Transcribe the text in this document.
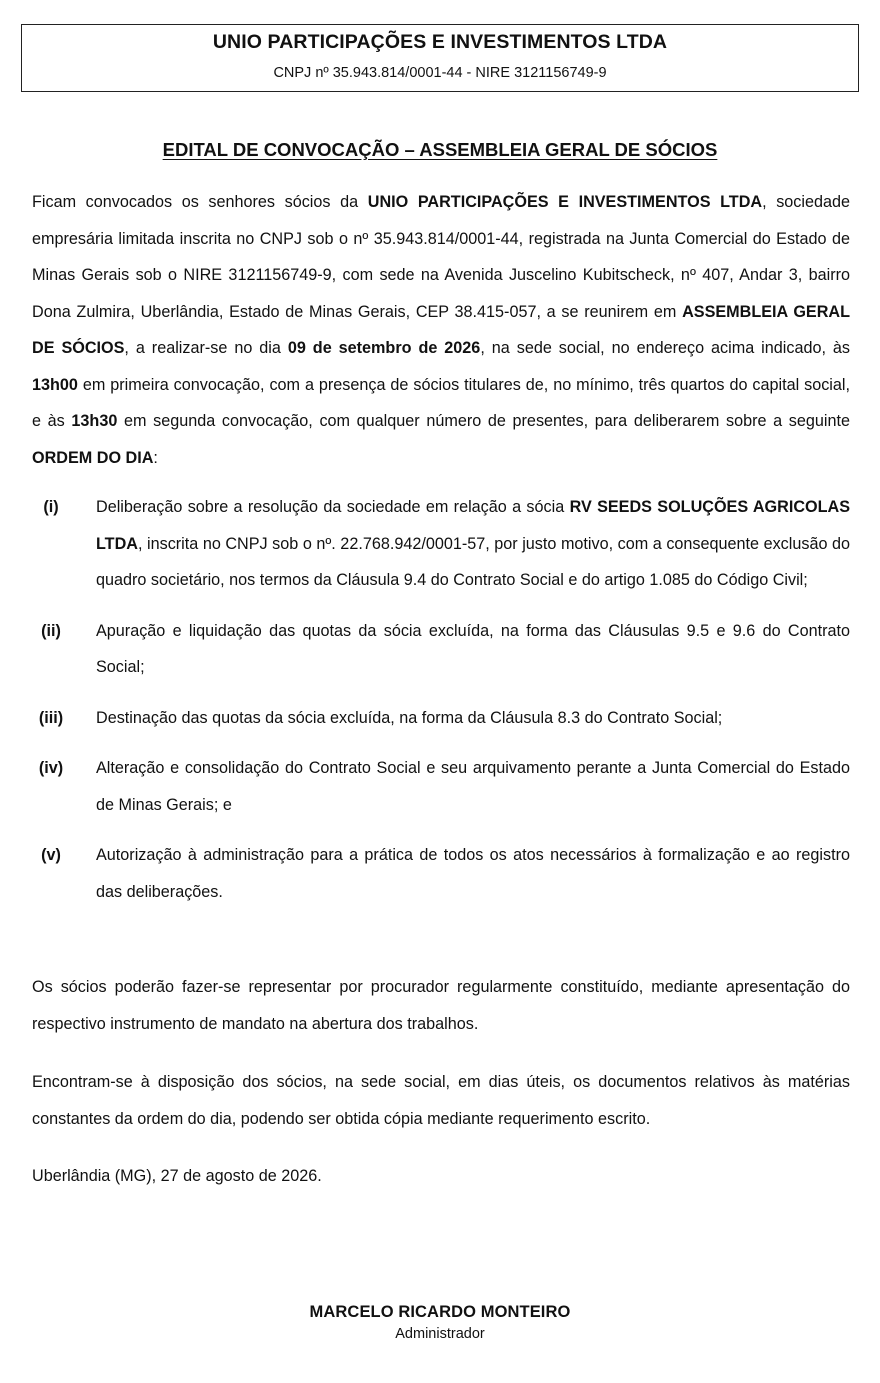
UNIO PARTICIPAÇÕES E INVESTIMENTOS LTDA
CNPJ nº 35.943.814/0001-44 - NIRE 3121156749-9
EDITAL DE CONVOCAÇÃO – ASSEMBLEIA GERAL DE SÓCIOS

Ficam convocados os senhores sócios da UNIO PARTICIPAÇÕES E INVESTIMENTOS LTDA, sociedade empresária limitada inscrita no CNPJ sob o nº 35.943.814/0001-44, registrada na Junta Comercial do Estado de Minas Gerais sob o NIRE 3121156749-9, com sede na Avenida Juscelino Kubitscheck, nº 407, Andar 3, bairro Dona Zulmira, Uberlândia, Estado de Minas Gerais, CEP 38.415-057, a se reunirem em ASSEMBLEIA GERAL DE SÓCIOS, a realizar-se no dia 09 de setembro de 2026, na sede social, no endereço acima indicado, às 13h00 em primeira convocação, com a presença de sócios titulares de, no mínimo, três quartos do capital social, e às 13h30 em segunda convocação, com qualquer número de presentes, para deliberarem sobre a seguinte ORDEM DO DIA:

(i)	Deliberação sobre a resolução da sociedade em relação a sócia RV SEEDS SOLUÇÕES AGRICOLAS LTDA, inscrita no CNPJ sob o nº. 22.768.942/0001-57, por justo motivo, com a consequente exclusão do quadro societário, nos termos da Cláusula 9.4 do Contrato Social e do artigo 1.085 do Código Civil;

(ii)	Apuração e liquidação das quotas da sócia excluída, na forma das Cláusulas 9.5 e 9.6 do Contrato Social;

(iii)	Destinação das quotas da sócia excluída, na forma da Cláusula 8.3 do Contrato Social;

(iv)	Alteração e consolidação do Contrato Social e seu arquivamento perante a Junta Comercial do Estado de Minas Gerais; e

(v)	Autorização à administração para a prática de todos os atos necessários à formalização e ao registro das deliberações.

Os sócios poderão fazer-se representar por procurador regularmente constituído, mediante apresentação do respectivo instrumento de mandato na abertura dos trabalhos.

Encontram-se à disposição dos sócios, na sede social, em dias úteis, os documentos relativos às matérias constantes da ordem do dia, podendo ser obtida cópia mediante requerimento escrito.

Uberlândia (MG), 27 de agosto de 2026.

MARCELO RICARDO MONTEIRO
Administrador
